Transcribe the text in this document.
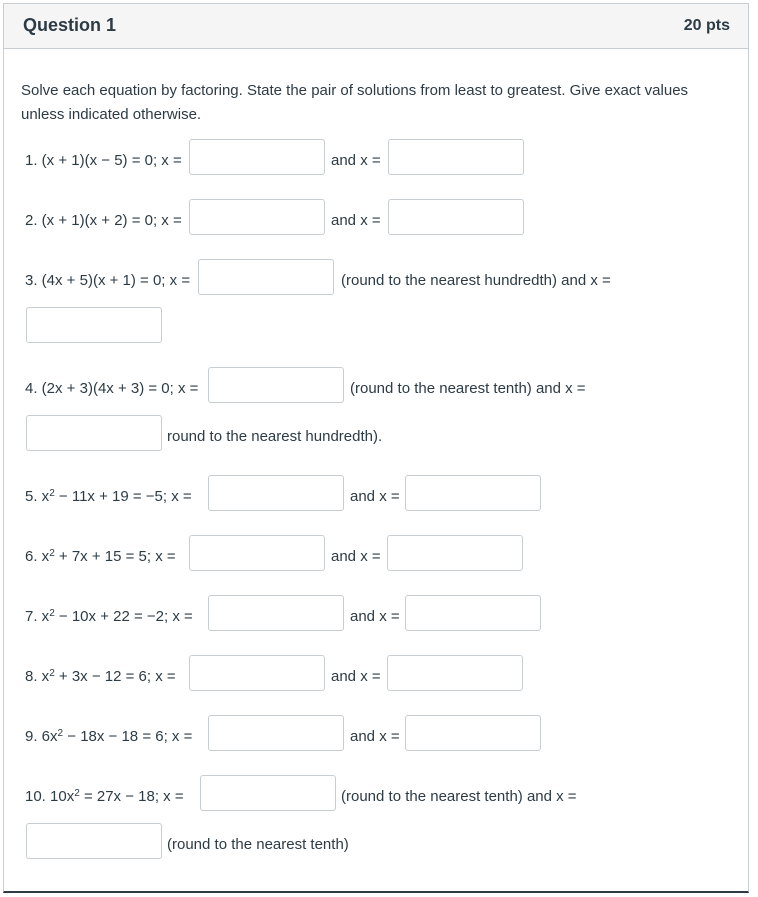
Question 1	20 pts
Solve each equation by factoring. State the pair of solutions from least to greatest. Give exact values unless indicated otherwise.
1. (x + 1)(x − 5) = 0; x =	and x =
2. (x + 1)(x + 2) = 0; x =	and x =
3. (4x + 5)(x + 1) = 0; x =	(round to the nearest hundredth) and x =
4. (2x + 3)(4x + 3) = 0; x =	(round to the nearest tenth) and x =
round to the nearest hundredth).
5. $x^2 - 11x + 19 = -5$; x =	and x =
6. $x^2 + 7x + 15 = 5$; x =	and x =
7. $x^2 - 10x + 22 = -2$; x =	and x =
8. $x^2 + 3x - 12 = 6$; x =	and x =
9. $6x^2 - 18x - 18 = 6$; x =	and x =
10. $10x^2 = 27x - 18$; x =	(round to the nearest tenth) and x =
(round to the nearest tenth)
